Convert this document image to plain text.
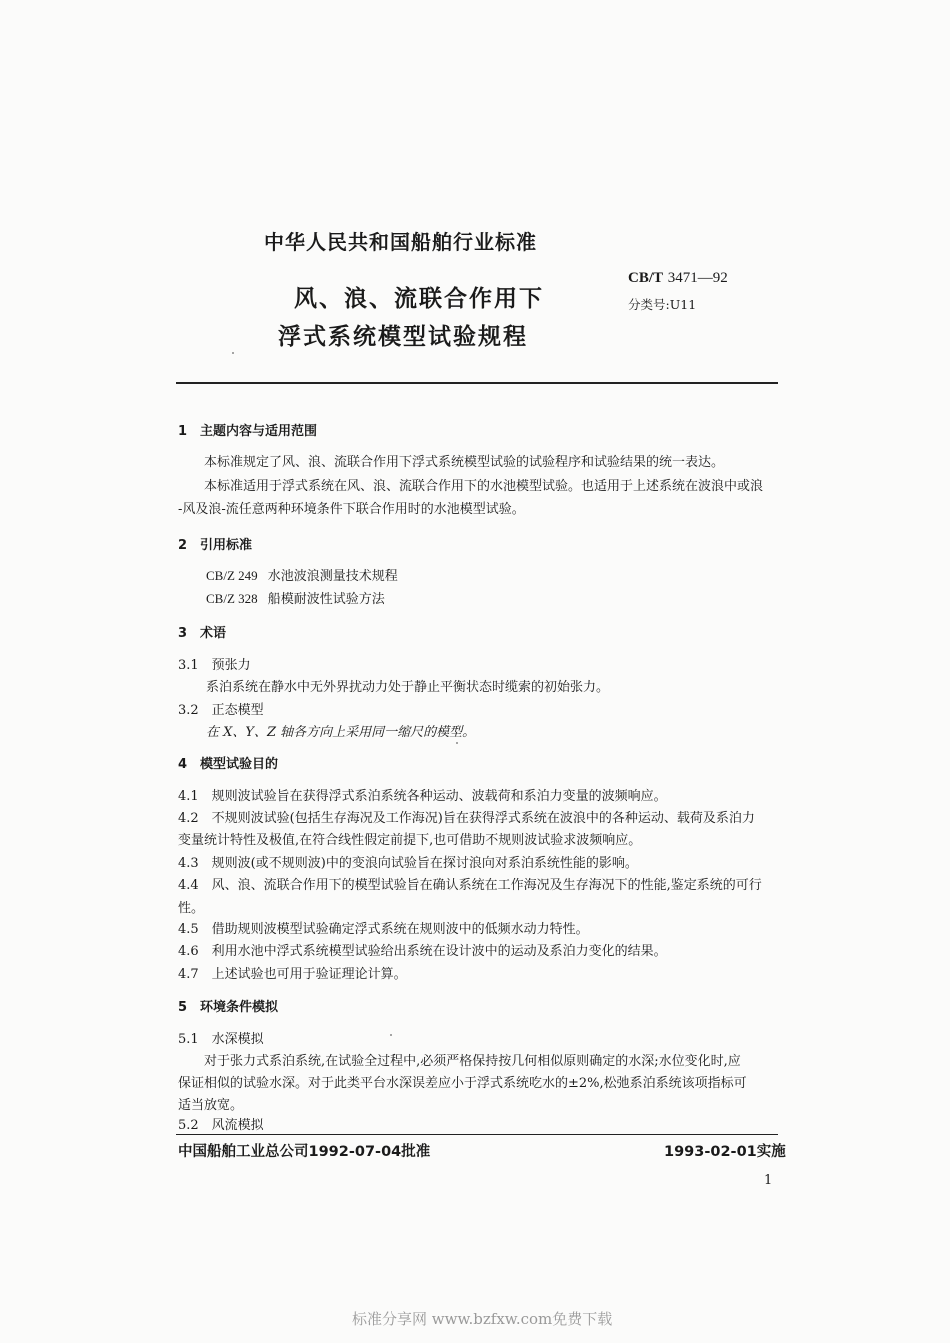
中华人民共和国船舶行业标准
CB/T 3471—92
分类号:U11
风、浪、流联合作用下
浮式系统模型试验规程
1　主题内容与适用范围
本标准规定了风、浪、流联合作用下浮式系统模型试验的试验程序和试验结果的统一表达。
本标准适用于浮式系统在风、浪、流联合作用下的水池模型试验。也适用于上述系统在波浪中或浪
-风及浪-流任意两种环境条件下联合作用时的水池模型试验。
2　引用标准
CB/Z 249 水池波浪测量技术规程
CB/Z 328 船模耐波性试验方法
3　术语
3.1　预张力
系泊系统在静水中无外界扰动力处于静止平衡状态时缆索的初始张力。
3.2　正态模型
在 X、Y、Z 轴各方向上采用同一缩尺的模型。
4　模型试验目的
4.1　规则波试验旨在获得浮式系泊系统各种运动、波载荷和系泊力变量的波频响应。
4.2　不规则波试验(包括生存海况及工作海况)旨在获得浮式系统在波浪中的各种运动、载荷及系泊力
变量统计特性及极值,在符合线性假定前提下,也可借助不规则波试验求波频响应。
4.3　规则波(或不规则波)中的变浪向试验旨在探讨浪向对系泊系统性能的影响。
4.4　风、浪、流联合作用下的模型试验旨在确认系统在工作海况及生存海况下的性能,鉴定系统的可行
性。
4.5　借助规则波模型试验确定浮式系统在规则波中的低频水动力特性。
4.6　利用水池中浮式系统模型试验给出系统在设计波中的运动及系泊力变化的结果。
4.7　上述试验也可用于验证理论计算。
5　环境条件模拟
5.1　水深模拟
对于张力式系泊系统,在试验全过程中,必须严格保持按几何相似原则确定的水深;水位变化时,应
保证相似的试验水深。对于此类平台水深误差应小于浮式系统吃水的±2%,松弛系泊系统该项指标可
适当放宽。
5.2　风流模拟
中国船舶工业总公司1992-07-04批准	1993-02-01实施
1
标准分享网 www.bzfxw.com免费下载
